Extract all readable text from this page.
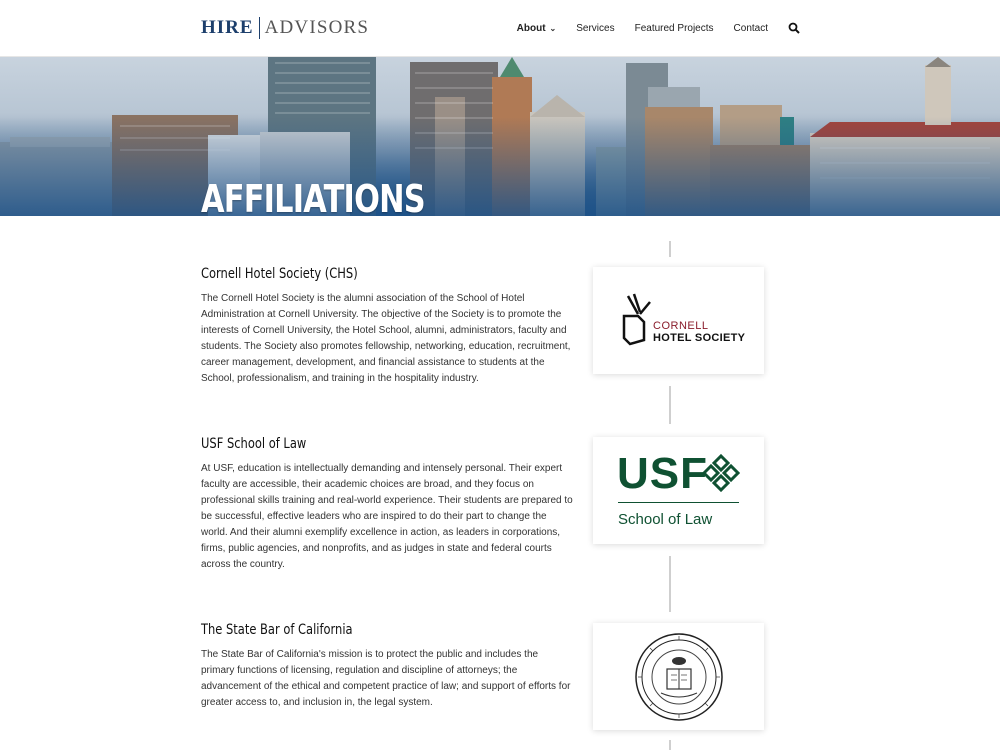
HIRE ADVISORS	About ⌄ Services Featured Projects Contact
AFFILIATIONS
Cornell Hotel Society (CHS)
The Cornell Hotel Society is the alumni association of the School of Hotel Administration at Cornell University. The objective of the Society is to promote the interests of Cornell University, the Hotel School, alumni, administrators, faculty and students. The Society also promotes fellowship, networking, education, recruitment, career management, development, and financial assistance to students at the School, professionalism, and training in the hospitality industry.
CORNELL
HOTEL SOCIETY
USF School of Law
At USF, education is intellectually demanding and intensely personal. Their expert faculty are accessible, their academic choices are broad, and they focus on professional skills training and real-world experience. Their students are prepared to be successful, effective leaders who are inspired to do their part to change the world. And their alumni exemplify excellence in action, as leaders in corporations, firms, public agencies, and nonprofits, and as judges in state and federal courts across the country.
USF
School of Law
The State Bar of California
The State Bar of California's mission is to protect the public and includes the primary functions of licensing, regulation and discipline of attorneys; the advancement of the ethical and competent practice of law; and support of efforts for greater access to, and inclusion in, the legal system.
